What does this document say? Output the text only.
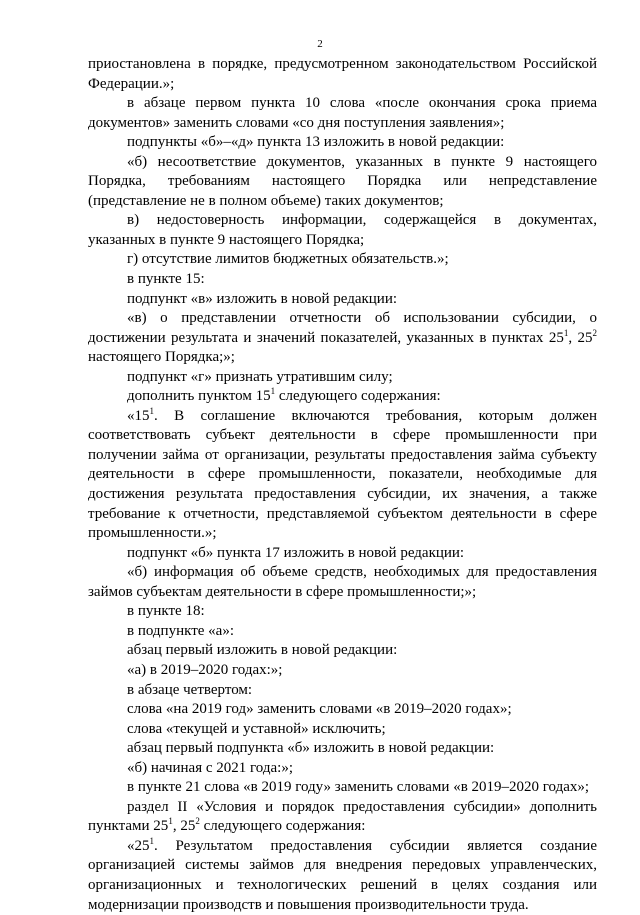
2

приостановлена в порядке, предусмотренном законодательством Российской Федерации.»;

в абзаце первом пункта 10 слова «после окончания срока приема документов» заменить словами «со дня поступления заявления»;

подпункты «б»–«д» пункта 13 изложить в новой редакции:

«б) несоответствие документов, указанных в пункте 9 настоящего Порядка, требованиям настоящего Порядка или непредставление (представление не в полном объеме) таких документов;

в) недостоверность информации, содержащейся в документах, указанных в пункте 9 настоящего Порядка;

г) отсутствие лимитов бюджетных обязательств.»;

в пункте 15:

подпункт «в» изложить в новой редакции:

«в) о представлении отчетности об использовании субсидии, о достижении результата и значений показателей, указанных в пунктах $25^1$, $25^2$ настоящего Порядка;»;

подпункт «г» признать утратившим силу;

дополнить пунктом $15^1$ следующего содержания:

«$15^1$. В соглашение включаются требования, которым должен соответствовать субъект деятельности в сфере промышленности при получении займа от организации, результаты предоставления займа субъекту деятельности в сфере промышленности, показатели, необходимые для достижения результата предоставления субсидии, их значения, а также требование к отчетности, представляемой субъектом деятельности в сфере промышленности.»;

подпункт «б» пункта 17 изложить в новой редакции:

«б) информация об объеме средств, необходимых для предоставления займов субъектам деятельности в сфере промышленности;»;

в пункте 18:

в подпункте «а»:

абзац первый изложить в новой редакции:

«а) в 2019–2020 годах:»;

в абзаце четвертом:

слова «на 2019 год» заменить словами «в 2019–2020 годах»;

слова «текущей и уставной» исключить;

абзац первый подпункта «б» изложить в новой редакции:

«б) начиная с 2021 года:»;

в пункте 21 слова «в 2019 году» заменить словами «в 2019–2020 годах»;

раздел II «Условия и порядок предоставления субсидии» дополнить пунктами $25^1$, $25^2$ следующего содержания:

«$25^1$. Результатом предоставления субсидии является создание организацией системы займов для внедрения передовых управленческих, организационных и технологических решений в целях создания или модернизации производств и повышения производительности труда.
